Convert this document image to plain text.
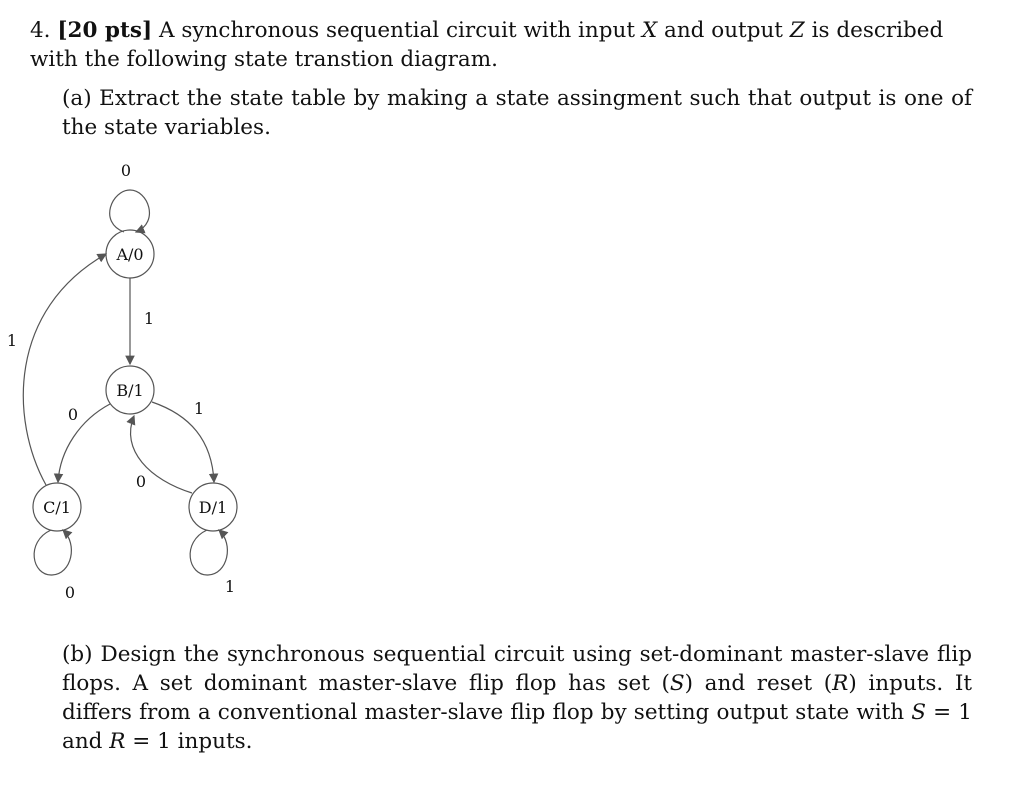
4. [20 pts] A synchronous sequential circuit with input X and output Z is described with the following state transtion diagram.

(a) Extract the state table by making a state assingment such that output is one of the state variables.

A/0
B/1
C/1	D/1
0
1
1
0	1
0
0	1

(b) Design the synchronous sequential circuit using set-dominant master-slave flip flops. A set dominant master-slave flip flop has set (S) and reset (R) inputs. It differs from a conventional master-slave flip flop by setting output state with S = 1 and R = 1 inputs.
